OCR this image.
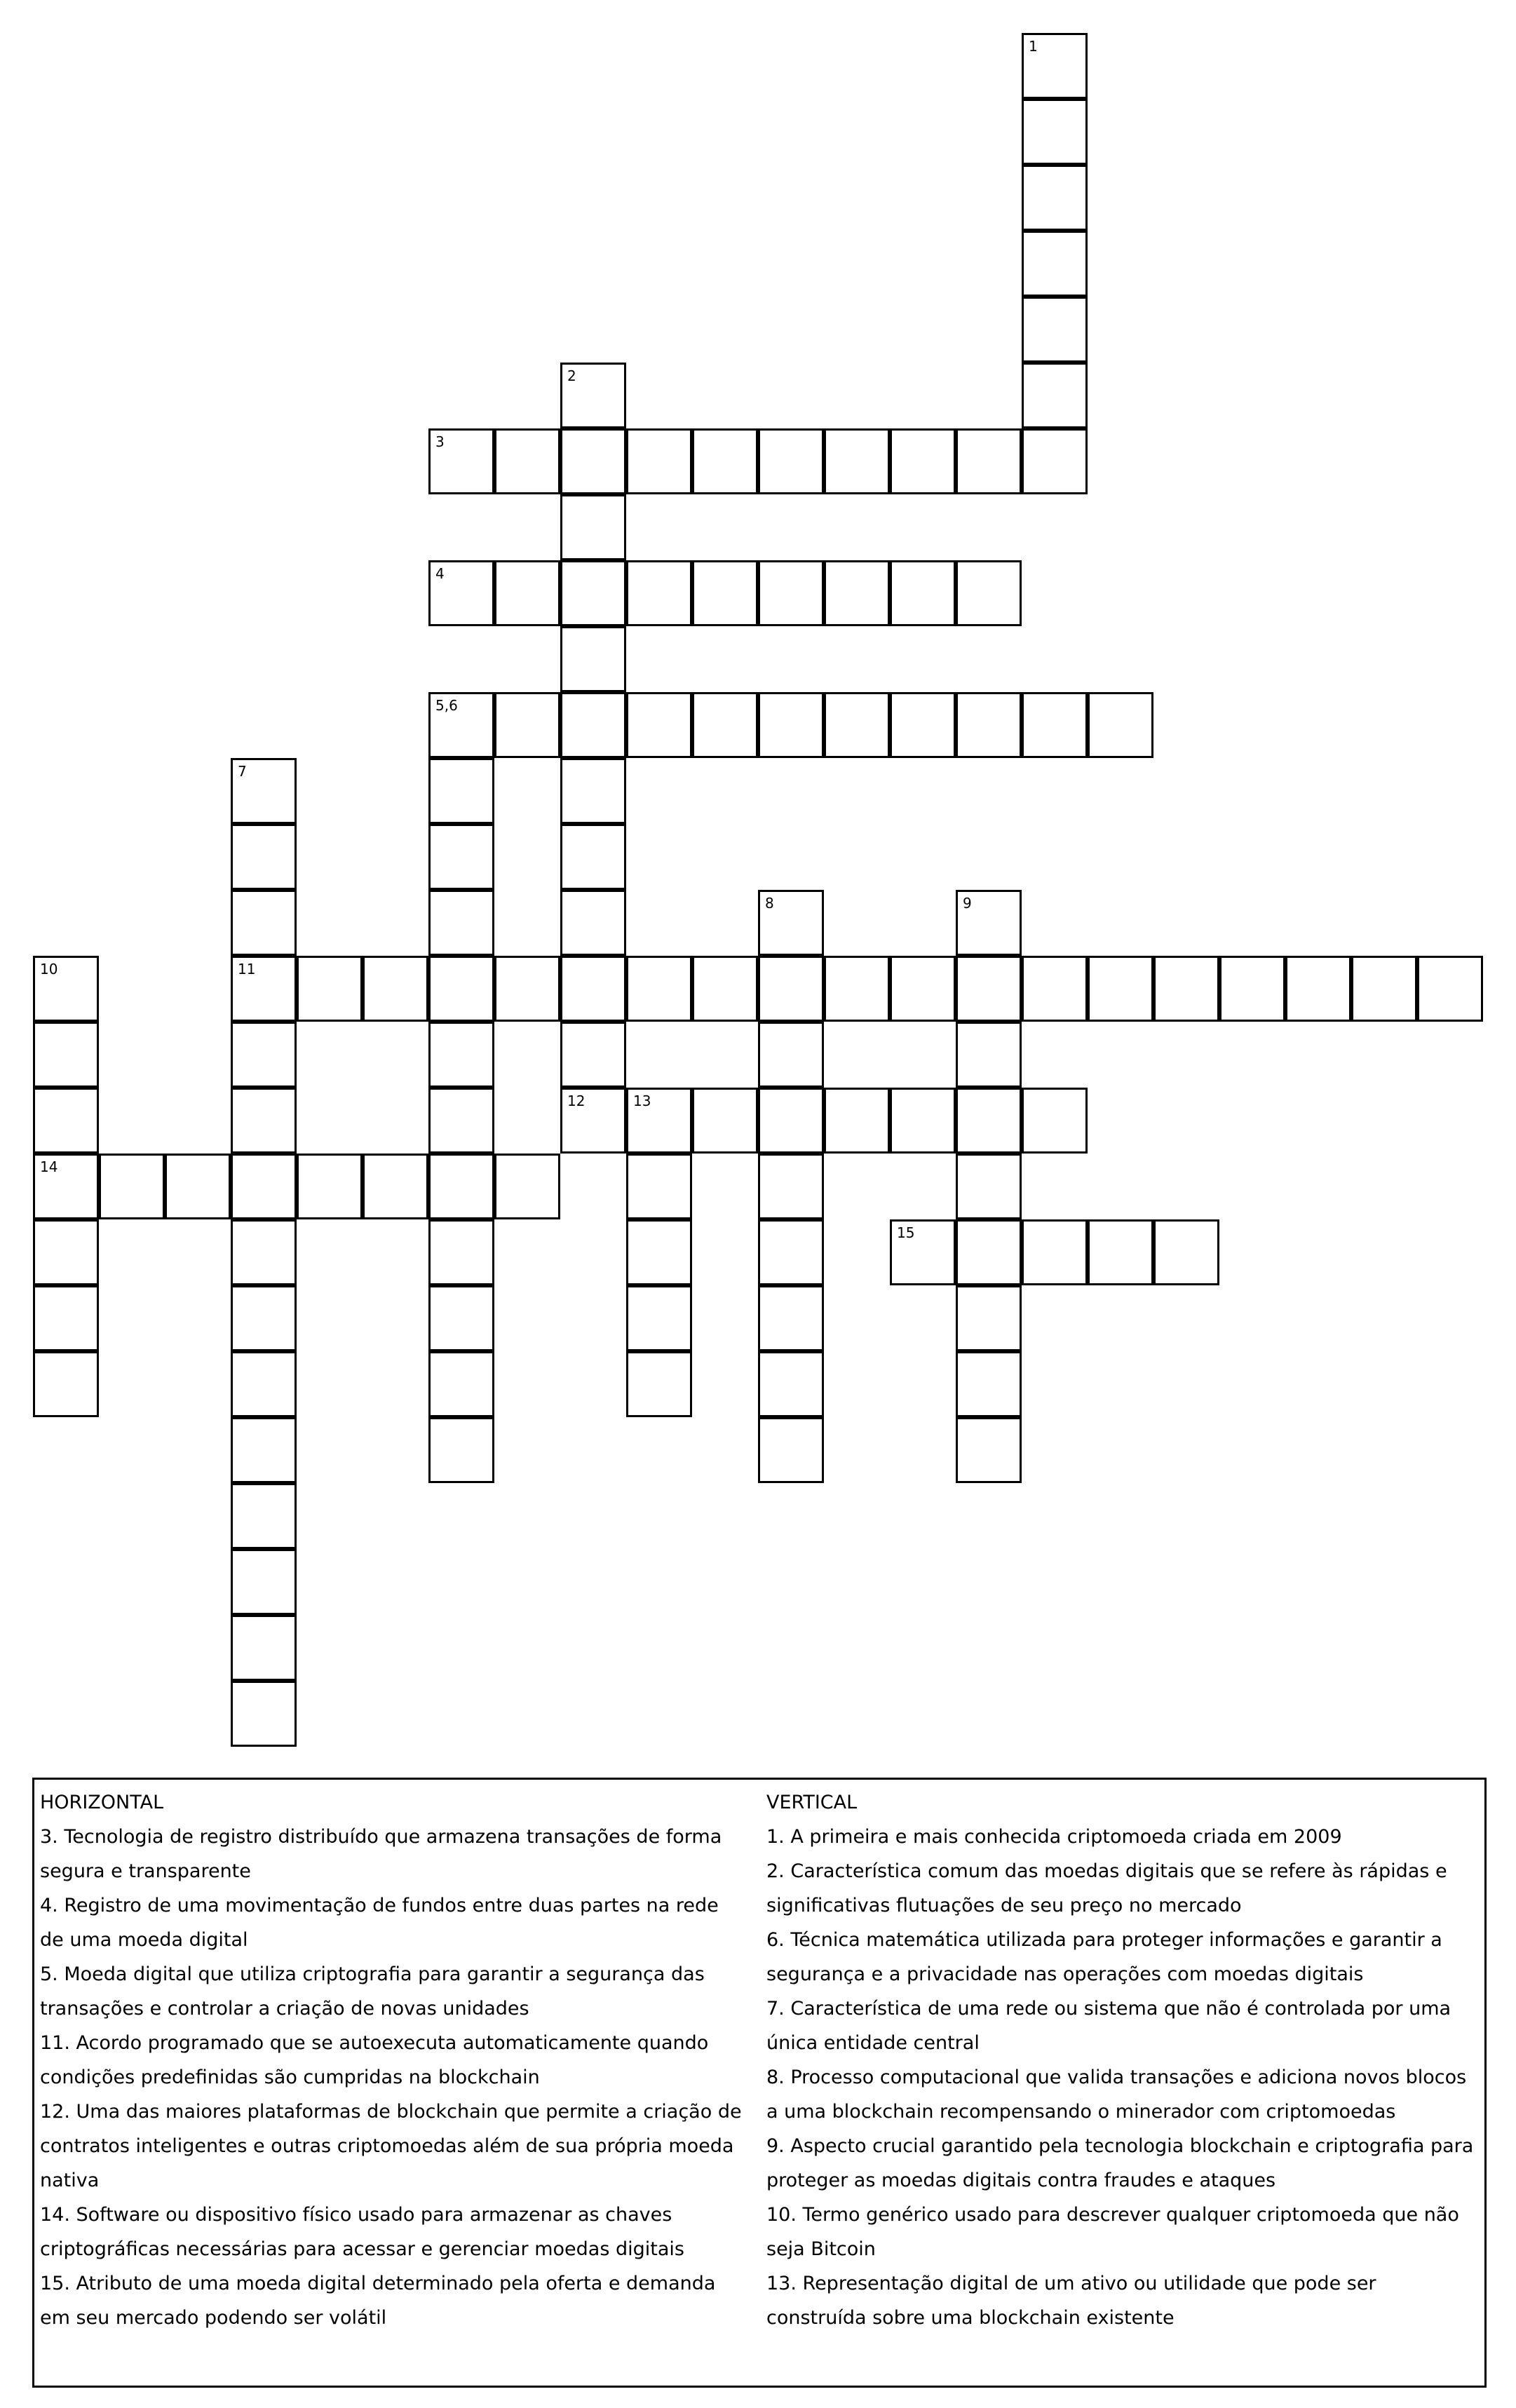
1
2
3
4
5,6
7
8	9
10	11
12	13
14
15

HORIZONTAL

3. Tecnologia de registro distribuído que armazena transações de forma segura e transparente

4. Registro de uma movimentação de fundos entre duas partes na rede de uma moeda digital

5. Moeda digital que utiliza criptografia para garantir a segurança das transações e controlar a criação de novas unidades

11. Acordo programado que se autoexecuta automaticamente quando condições predefinidas são cumpridas na blockchain

12. Uma das maiores plataformas de blockchain que permite a criação de contratos inteligentes e outras criptomoedas além de sua própria moeda nativa

14. Software ou dispositivo físico usado para armazenar as chaves criptográficas necessárias para acessar e gerenciar moedas digitais

15. Atributo de uma moeda digital determinado pela oferta e demanda em seu mercado podendo ser volátil

VERTICAL

1. A primeira e mais conhecida criptomoeda criada em 2009

2. Característica comum das moedas digitais que se refere às rápidas e significativas flutuações de seu preço no mercado

6. Técnica matemática utilizada para proteger informações e garantir a segurança e a privacidade nas operações com moedas digitais

7. Característica de uma rede ou sistema que não é controlada por uma única entidade central

8. Processo computacional que valida transações e adiciona novos blocos a uma blockchain recompensando o minerador com criptomoedas

9. Aspecto crucial garantido pela tecnologia blockchain e criptografia para proteger as moedas digitais contra fraudes e ataques

10. Termo genérico usado para descrever qualquer criptomoeda que não seja Bitcoin

13. Representação digital de um ativo ou utilidade que pode ser construída sobre uma blockchain existente
